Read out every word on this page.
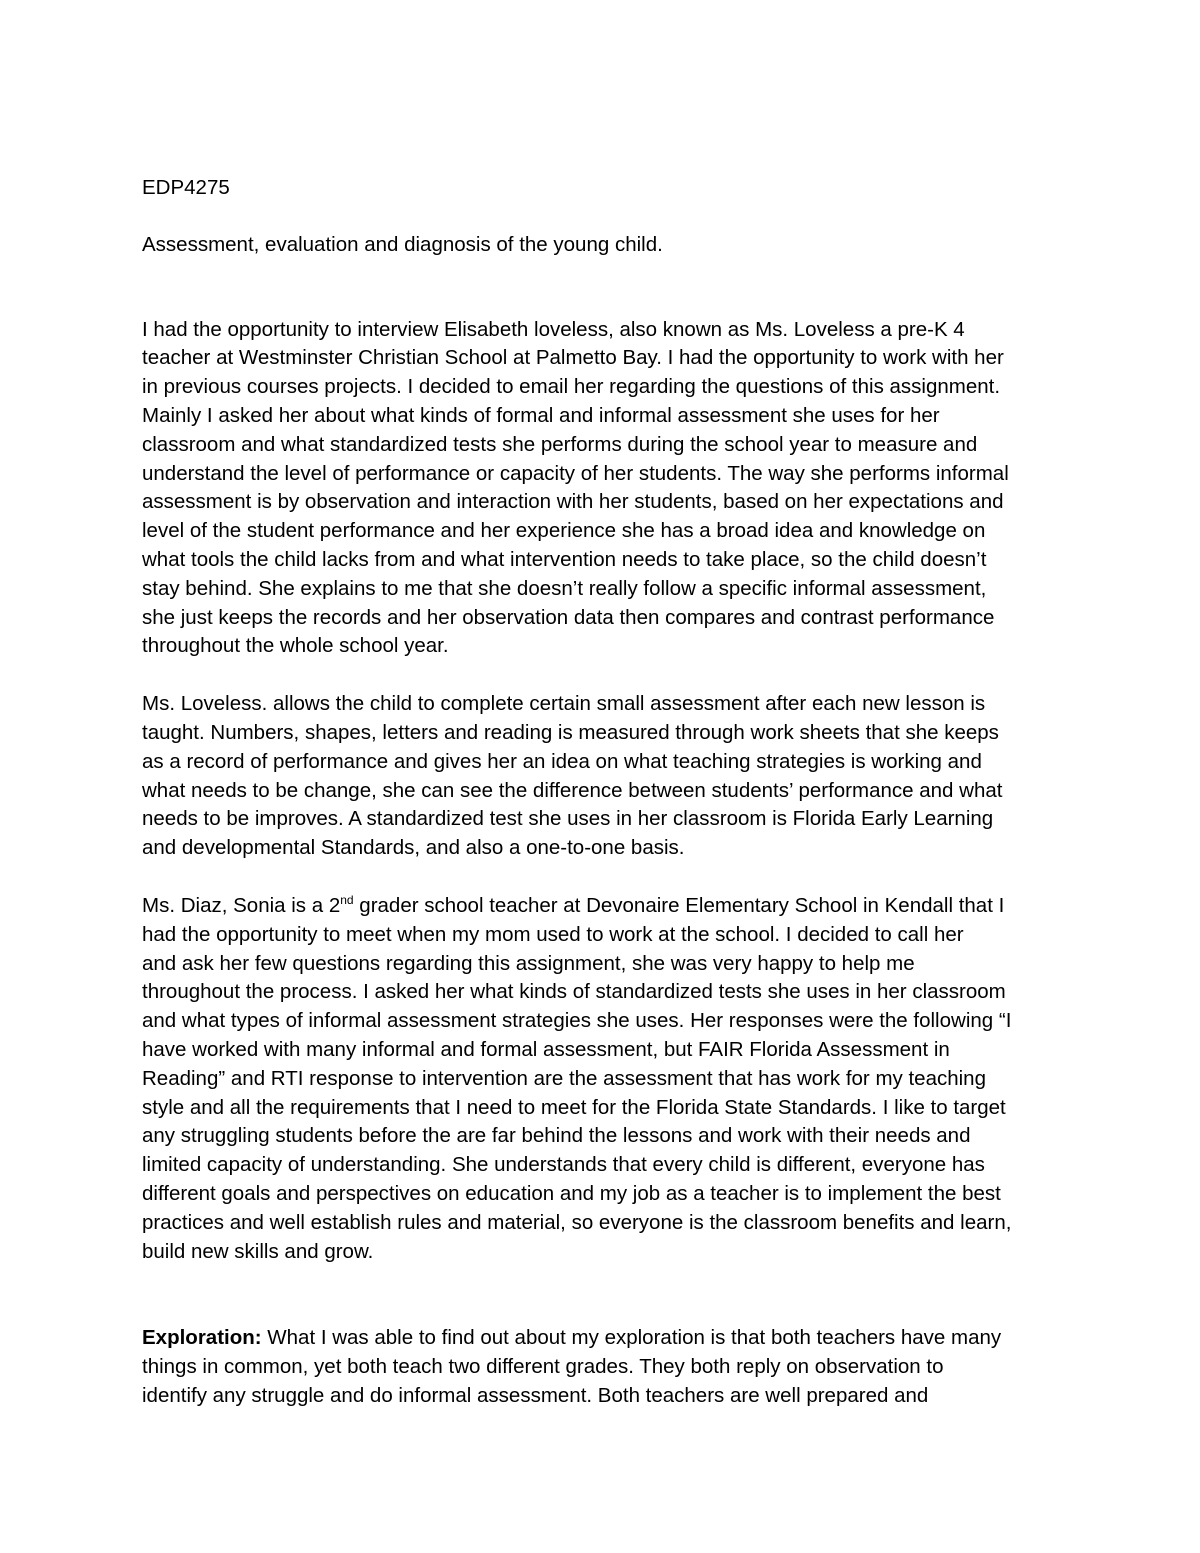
EDP4275
Assessment, evaluation and diagnosis of the young child.
I had the opportunity to interview Elisabeth loveless, also known as Ms. Loveless a pre-K 4
teacher at Westminster Christian School at Palmetto Bay. I had the opportunity to work with her
in previous courses projects. I decided to email her regarding the questions of this assignment.
Mainly I asked her about what kinds of formal and informal assessment she uses for her
classroom and what standardized tests she performs during the school year to measure and
understand the level of performance or capacity of her students. The way she performs informal
assessment is by observation and interaction with her students, based on her expectations and
level of the student performance and her experience she has a broad idea and knowledge on
what tools the child lacks from and what intervention needs to take place, so the child doesn’t
stay behind. She explains to me that she doesn’t really follow a specific informal assessment,
she just keeps the records and her observation data then compares and contrast performance
throughout the whole school year.
Ms. Loveless. allows the child to complete certain small assessment after each new lesson is
taught. Numbers, shapes, letters and reading is measured through work sheets that she keeps
as a record of performance and gives her an idea on what teaching strategies is working and
what needs to be change, she can see the difference between students’ performance and what
needs to be improves. A standardized test she uses in her classroom is Florida Early Learning
and developmental Standards, and also a one-to-one basis.
Ms. Diaz, Sonia is a 2nd grader school teacher at Devonaire Elementary School in Kendall that I
had the opportunity to meet when my mom used to work at the school. I decided to call her
and ask her few questions regarding this assignment, she was very happy to help me
throughout the process. I asked her what kinds of standardized tests she uses in her classroom
and what types of informal assessment strategies she uses. Her responses were the following “I
have worked with many informal and formal assessment, but FAIR Florida Assessment in
Reading” and RTI response to intervention are the assessment that has work for my teaching
style and all the requirements that I need to meet for the Florida State Standards. I like to target
any struggling students before the are far behind the lessons and work with their needs and
limited capacity of understanding. She understands that every child is different, everyone has
different goals and perspectives on education and my job as a teacher is to implement the best
practices and well establish rules and material, so everyone is the classroom benefits and learn,
build new skills and grow.
Exploration: What I was able to find out about my exploration is that both teachers have many
things in common, yet both teach two different grades. They both reply on observation to
identify any struggle and do informal assessment. Both teachers are well prepared and
